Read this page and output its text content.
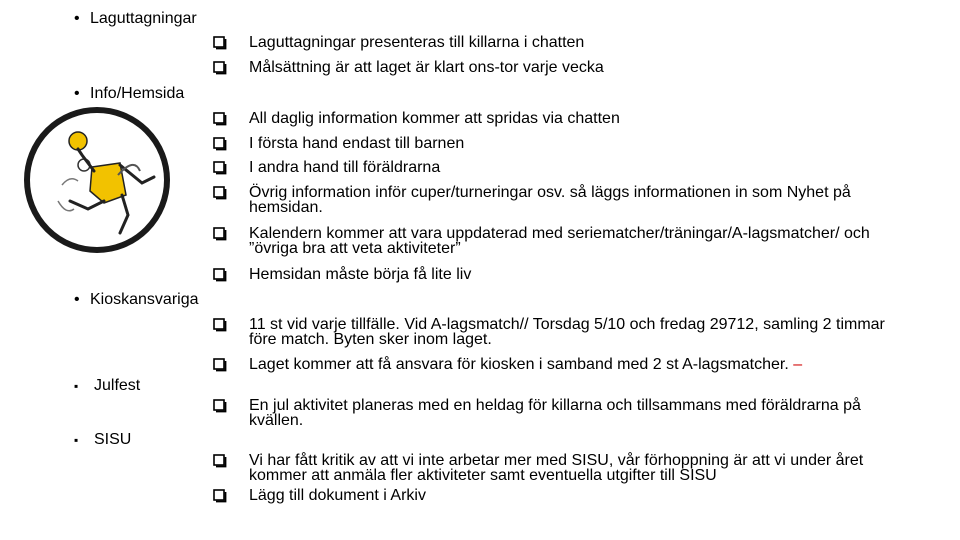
• Laguttagningar
Laguttagningar presenteras till killarna i chatten
Målsättning är att laget är klart ons-tor varje vecka
• Info/Hemsida
All daglig information kommer att spridas via chatten
I första hand endast till barnen
I andra hand till föräldrarna
Övrig information inför cuper/turneringar osv. så läggs informationen in som Nyhet på hemsidan.
Kalendern kommer att vara uppdaterad med seriematcher/träningar/A-lagsmatcher/ och ”övriga bra att veta aktiviteter”
Hemsidan måste börja få lite liv
• Kioskansvariga
11 st vid varje tillfälle. Vid A-lagsmatch// Torsdag 5/10 och fredag 29712, samling 2 timmar före match. Byten sker inom laget.
Laget kommer att få ansvara för kiosken i samband med 2 st A-lagsmatcher. –
▪ Julfest
En jul aktivitet planeras med en heldag för killarna och tillsammans med föräldrarna på kvällen.
▪ SISU
Vi har fått kritik av att vi inte arbetar mer med SISU, vår förhoppning är att vi under året kommer att anmäla fler aktiviteter samt eventuella utgifter till SISU
Lägg till dokument i Arkiv
